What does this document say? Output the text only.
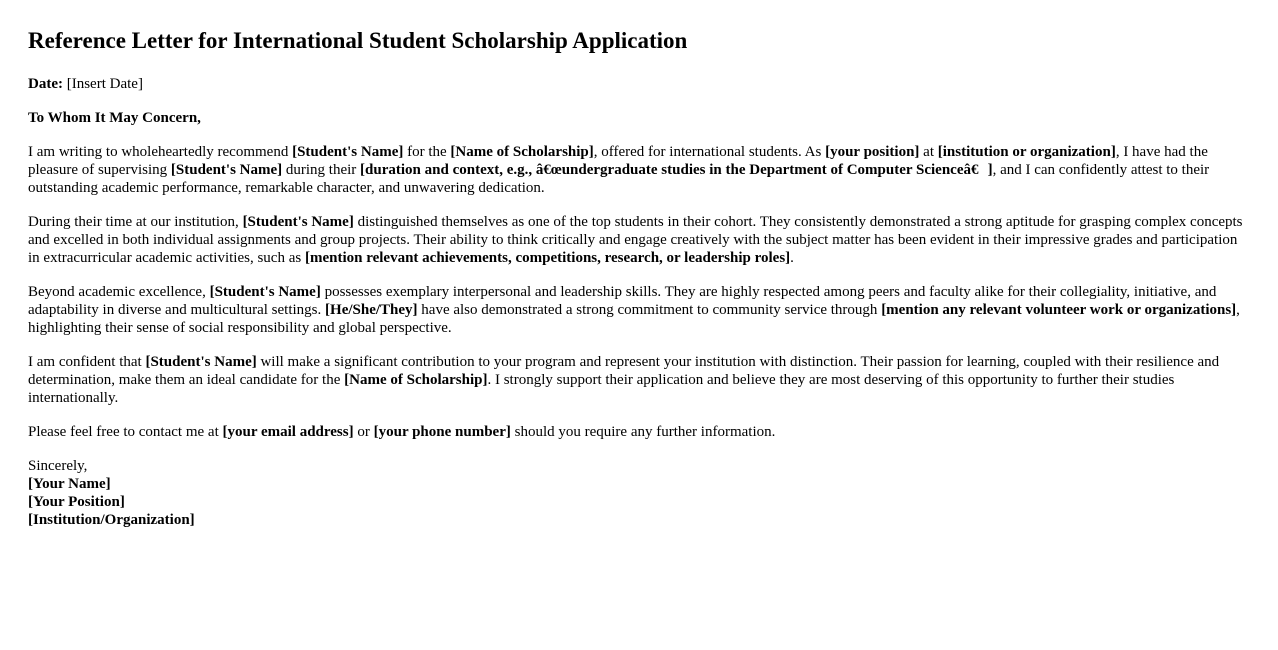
Reference Letter for International Student Scholarship Application

Date: [Insert Date]

To Whom It May Concern,

I am writing to wholeheartedly recommend [Student's Name] for the [Name of Scholarship], offered for international students. As [your position] at [institution or organization], I have had the pleasure of supervising [Student's Name] during their [duration and context, e.g., â€œundergraduate studies in the Department of Computer Scienceâ€], and I can confidently attest to their outstanding academic performance, remarkable character, and unwavering dedication.

During their time at our institution, [Student's Name] distinguished themselves as one of the top students in their cohort. They consistently demonstrated a strong aptitude for grasping complex concepts and excelled in both individual assignments and group projects. Their ability to think critically and engage creatively with the subject matter has been evident in their impressive grades and participation in extracurricular academic activities, such as [mention relevant achievements, competitions, research, or leadership roles].

Beyond academic excellence, [Student's Name] possesses exemplary interpersonal and leadership skills. They are highly respected among peers and faculty alike for their collegiality, initiative, and adaptability in diverse and multicultural settings. [He/She/They] have also demonstrated a strong commitment to community service through [mention any relevant volunteer work or organizations], highlighting their sense of social responsibility and global perspective.

I am confident that [Student's Name] will make a significant contribution to your program and represent your institution with distinction. Their passion for learning, coupled with their resilience and determination, make them an ideal candidate for the [Name of Scholarship]. I strongly support their application and believe they are most deserving of this opportunity to further their studies internationally.

Please feel free to contact me at [your email address] or [your phone number] should you require any further information.

Sincerely,

[Your Name]

[Your Position]

[Institution/Organization]
